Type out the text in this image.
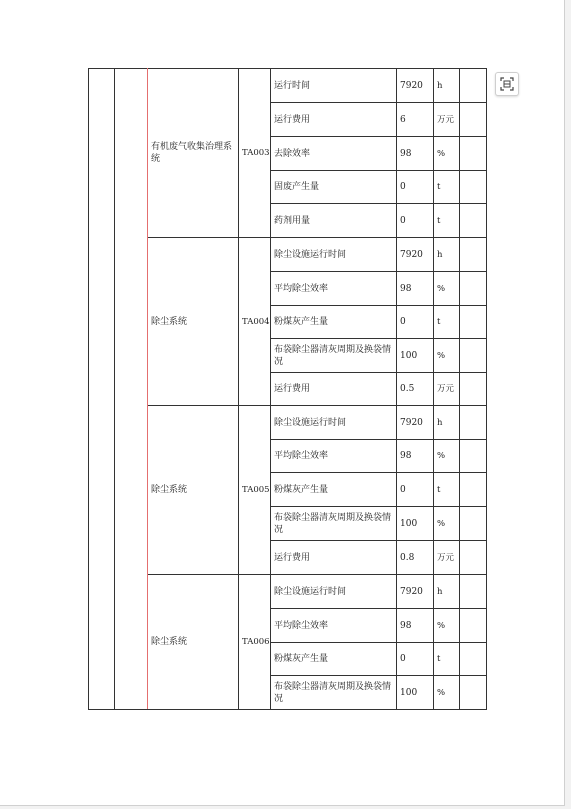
		有机废气收集治理系统	TA003	运行时间	7920	h	
				运行费用	6	万元	
				去除效率	98	%	
				固废产生量	0	t	
				药剂用量	0	t	
		除尘系统	TA004	除尘设施运行时间	7920	h	
				平均除尘效率	98	%	
				粉煤灰产生量	0	t	
				布袋除尘器清灰周期及换袋情况	100	%	
				运行费用	0.5	万元	
		除尘系统	TA005	除尘设施运行时间	7920	h	
				平均除尘效率	98	%	
				粉煤灰产生量	0	t	
				布袋除尘器清灰周期及换袋情况	100	%	
				运行费用	0.8	万元	
		除尘系统	TA006	除尘设施运行时间	7920	h	
				平均除尘效率	98	%	
				粉煤灰产生量	0	t	
				布袋除尘器清灰周期及换袋情况	100	%	
